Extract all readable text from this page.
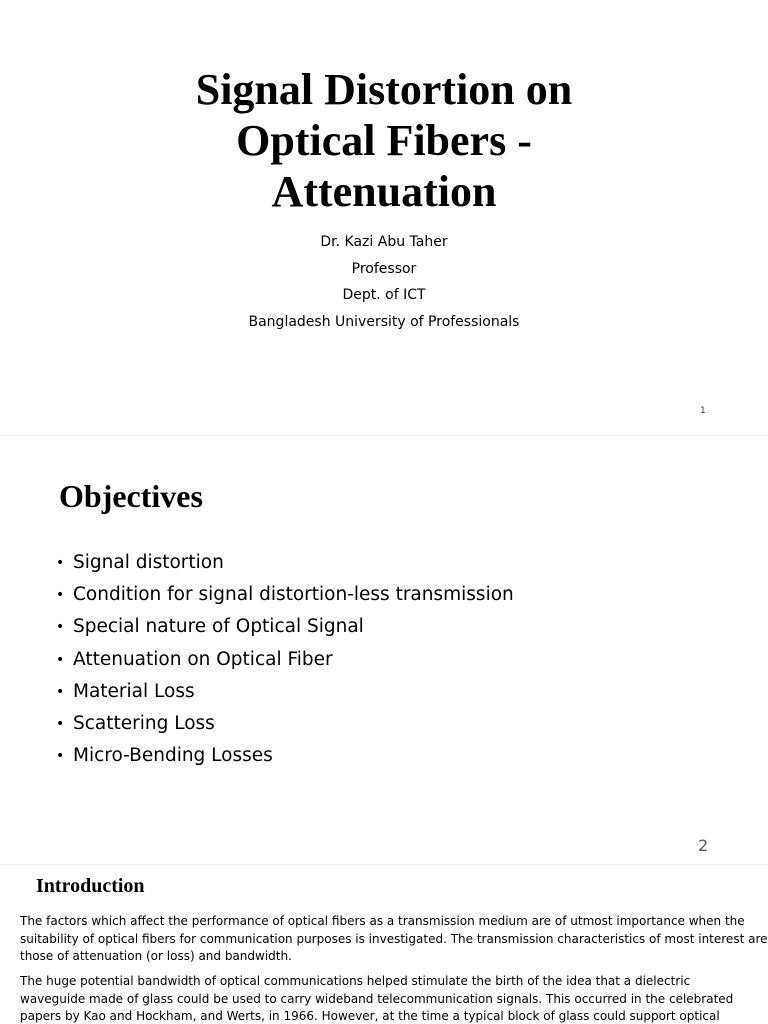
Signal Distortion on
Optical Fibers -
Attenuation
Dr. Kazi Abu Taher
Professor
Dept. of ICT
Bangladesh University of Professionals
1
Objectives
• Signal distortion
• Condition for signal distortion-less transmission
• Special nature of Optical Signal
• Attenuation on Optical Fiber
• Material Loss
• Scattering Loss
• Micro-Bending Losses
2
Introduction

The factors which affect the performance of optical fibers as a transmission medium are of utmost importance when the
suitability of optical fibers for communication purposes is investigated. The transmission characteristics of most interest are
those of attenuation (or loss) and bandwidth.

The huge potential bandwidth of optical communications helped stimulate the birth of the idea that a dielectric
waveguide made of glass could be used to carry wideband telecommunication signals. This occurred in the celebrated
papers by Kao and Hockham, and Werts, in 1966. However, at the time a typical block of glass could support optical
